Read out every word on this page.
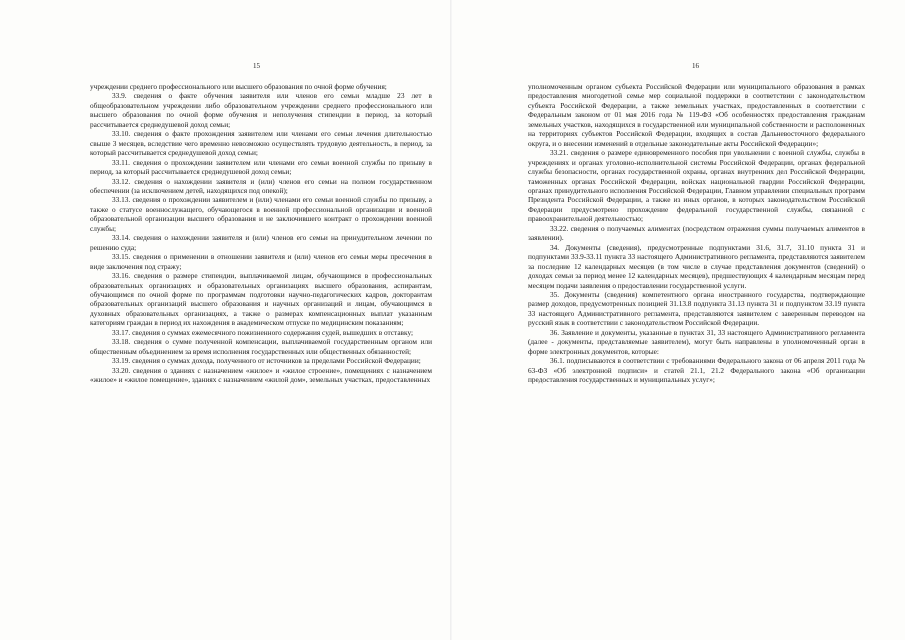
15

учреждении среднего профессионального или высшего образования по очной форме обучения;

33.9. сведения о факте обучения заявителя или членов его семьи младше 23 лет в общеобразовательном учреждении либо образовательном учреждении среднего профессионального или высшего образования по очной форме обучения и неполучения стипендии в период, за который рассчитывается среднедушевой доход семьи;

33.10. сведения о факте прохождения заявителем или членами его семьи лечения длительностью свыше 3 месяцев, вследствие чего временно невозможно осуществлять трудовую деятельность, в период, за который рассчитывается среднедушевой доход семьи;

33.11. сведения о прохождении заявителем или членами его семьи военной службы по призыву в период, за который рассчитывается среднедушевой доход семьи;

33.12. сведения о нахождении заявителя и (или) членов его семьи на полном государственном обеспечении (за исключением детей, находящихся под опекой);

33.13. сведения о прохождении заявителем и (или) членами его семьи военной службы по призыву, а также о статусе военнослужащего, обучающегося в военной профессиональной организации и военной образовательной организации высшего образования и не заключившего контракт о прохождении военной службы;

33.14. сведения о нахождении заявителя и (или) членов его семьи на принудительном лечении по решению суда;

33.15. сведения о применении в отношении заявителя и (или) членов его семьи меры пресечения в виде заключения под стражу;

33.16. сведения о размере стипендии, выплачиваемой лицам, обучающимся в профессиональных образовательных организациях и образовательных организациях высшего образования, аспирантам, обучающимся по очной форме по программам подготовки научно-педагогических кадров, докторантам образовательных организаций высшего образования и научных организаций и лицам, обучающимся в духовных образовательных организациях, а также о размерах компенсационных выплат указанным категориям граждан в период их нахождения в академическом отпуске по медицинским показаниям;

33.17. сведения о суммах ежемесячного пожизненного содержания судей, вышедших в отставку;

33.18. сведения о сумме полученной компенсации, выплачиваемой государственным органом или общественным объединением за время исполнения государственных или общественных обязанностей;

33.19. сведения о суммах дохода, полученного от источников за пределами Российской Федерации;

33.20. сведения о зданиях с назначением «жилое» и «жилое строение», помещениях с назначением «жилое» и «жилое помещение», зданиях с назначением «жилой дом», земельных участках, предоставленных

16

уполномоченным органом субъекта Российской Федерации или муниципального образования в рамках предоставления многодетной семье мер социальной поддержки в соответствии с законодательством субъекта Российской Федерации, а также земельных участках, предоставленных в соответствии с Федеральным законом от 01 мая 2016 года № 119-ФЗ «Об особенностях предоставления гражданам земельных участков, находящихся в государственной или муниципальной собственности и расположенных на территориях субъектов Российской Федерации, входящих в состав Дальневосточного федерального округа, и о внесении изменений в отдельные законодательные акты Российской Федерации»;

33.21. сведения о размере единовременного пособия при увольнении с военной службы, службы в учреждениях и органах уголовно-исполнительной системы Российской Федерации, органах федеральной службы безопасности, органах государственной охраны, органах внутренних дел Российской Федерации, таможенных органах Российской Федерации, войсках национальной гвардии Российской Федерации, органах принудительного исполнения Российской Федерации, Главном управлении специальных программ Президента Российской Федерации, а также из иных органов, в которых законодательством Российской Федерации предусмотрено прохождение федеральной государственной службы, связанной с правоохранительной деятельностью;

33.22. сведения о получаемых алиментах (посредством отражения суммы получаемых алиментов в заявлении).

34. Документы (сведения), предусмотренные подпунктами 31.6, 31.7, 31.10 пункта 31 и подпунктами 33.9-33.11 пункта 33 настоящего Административного регламента, представляются заявителем за последние 12 календарных месяцев (в том числе в случае представления документов (сведений) о доходах семьи за период менее 12 календарных месяцев), предшествующих 4 календарным месяцам перед месяцем подачи заявления о предоставлении государственной услуги.

35. Документы (сведения) компетентного органа иностранного государства, подтверждающие размер доходов, предусмотренных позицией 31.13.8 подпункта 31.13 пункта 31 и подпунктом 33.19 пункта 33 настоящего Административного регламента, представляются заявителем с заверенным переводом на русский язык в соответствии с законодательством Российской Федерации.

36. Заявление и документы, указанные в пунктах 31, 33 настоящего Административного регламента (далее - документы, представляемые заявителем), могут быть направлены в уполномоченный орган в форме электронных документов, которые:

36.1. подписываются в соответствии с требованиями Федерального закона от 06 апреля 2011 года № 63-ФЗ «Об электронной подписи» и статей 21.1, 21.2 Федерального закона «Об организации предоставления государственных и муниципальных услуг»;
